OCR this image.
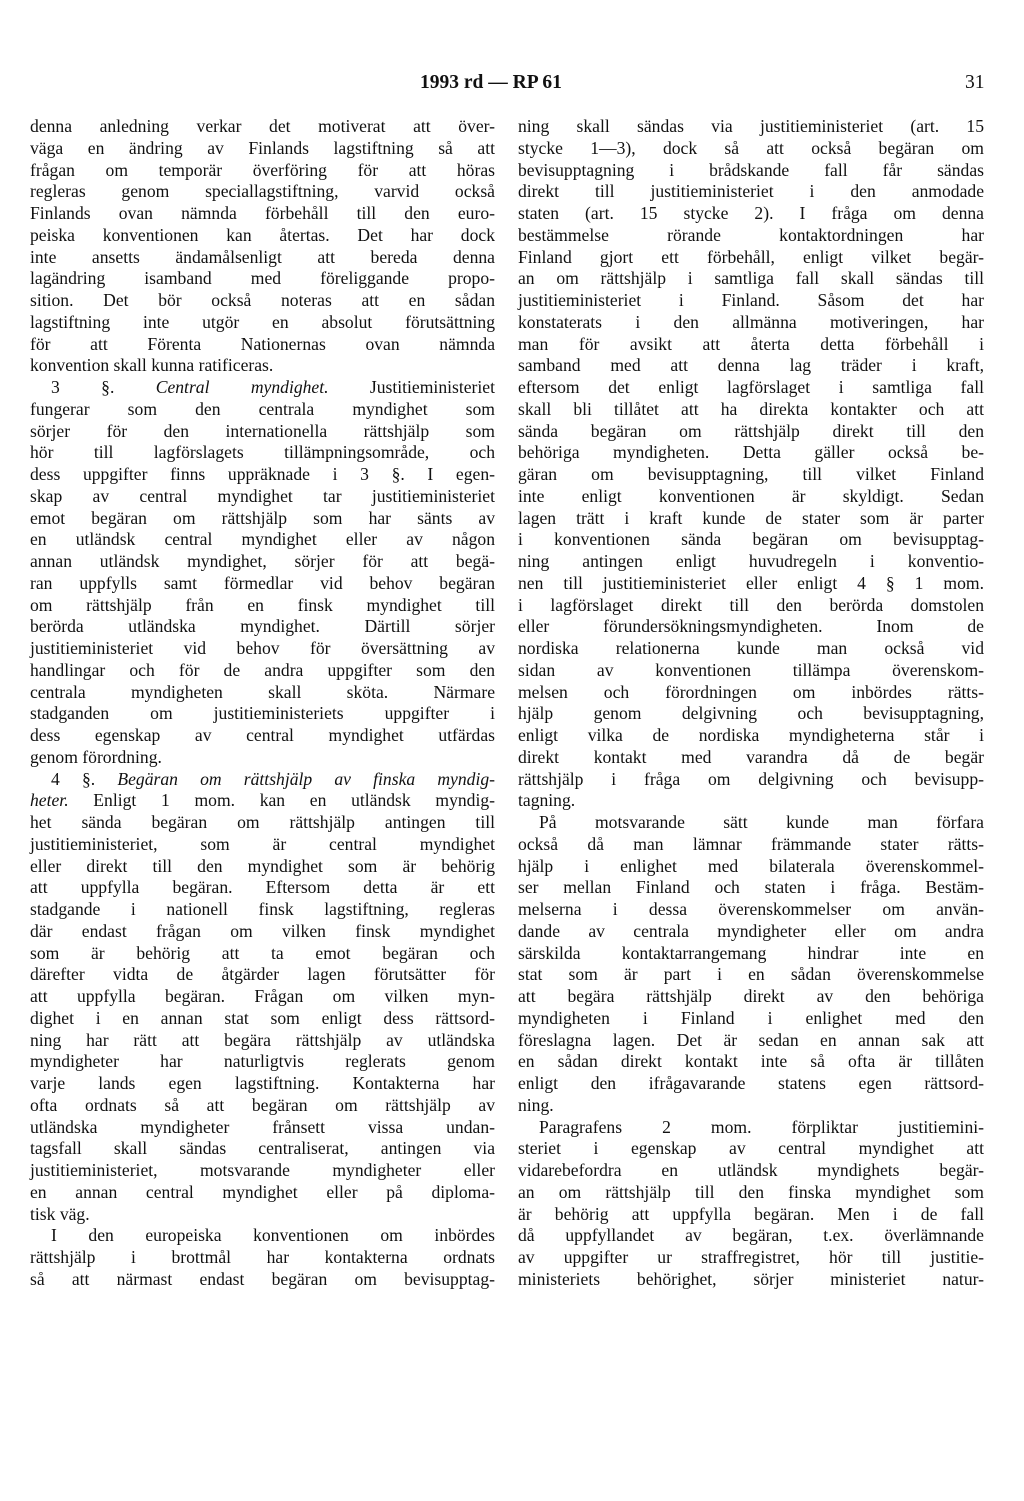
1993 rd — RP 61	31
denna anledning verkar det motiverat att över-
väga en ändring av Finlands lagstiftning så att
frågan om temporär överföring för att höras
regleras genom speciallagstiftning, varvid också
Finlands ovan nämnda förbehåll till den euro-
peiska konventionen kan återtas. Det har dock
inte ansetts ändamålsenligt att bereda denna
lagändring isamband med föreliggande propo-
sition. Det bör också noteras att en sådan
lagstiftning inte utgör en absolut förutsättning
för att Förenta Nationernas ovan nämnda
konvention skall kunna ratificeras.
3 §. Central myndighet. Justitieministeriet
fungerar som den centrala myndighet som
sörjer för den internationella rättshjälp som
hör till lagförslagets tillämpningsområde, och
dess uppgifter finns uppräknade i 3 §. I egen-
skap av central myndighet tar justitieministeriet
emot begäran om rättshjälp som har sänts av
en utländsk central myndighet eller av någon
annan utländsk myndighet, sörjer för att begä-
ran uppfylls samt förmedlar vid behov begäran
om rättshjälp från en finsk myndighet till
berörda utländska myndighet. Därtill sörjer
justitieministeriet vid behov för översättning av
handlingar och för de andra uppgifter som den
centrala myndigheten skall sköta. Närmare
stadganden om justitieministeriets uppgifter i
dess egenskap av central myndighet utfärdas
genom förordning.
4 §. Begäran om rättshjälp av finska myndig-
heter. Enligt 1 mom. kan en utländsk myndig-
het sända begäran om rättshjälp antingen till
justitieministeriet, som är central myndighet
eller direkt till den myndighet som är behörig
att uppfylla begäran. Eftersom detta är ett
stadgande i nationell finsk lagstiftning, regleras
där endast frågan om vilken finsk myndighet
som är behörig att ta emot begäran och
därefter vidta de åtgärder lagen förutsätter för
att uppfylla begäran. Frågan om vilken myn-
dighet i en annan stat som enligt dess rättsord-
ning har rätt att begära rättshjälp av utländska
myndigheter har naturligtvis reglerats genom
varje lands egen lagstiftning. Kontakterna har
ofta ordnats så att begäran om rättshjälp av
utländska myndigheter frånsett vissa undan-
tagsfall skall sändas centraliserat, antingen via
justitieministeriet, motsvarande myndigheter eller
en annan central myndighet eller på diploma-
tisk väg.
I den europeiska konventionen om inbördes
rättshjälp i brottmål har kontakterna ordnats
så att närmast endast begäran om bevisupptag-
ning skall sändas via justitieministeriet (art. 15
stycke 1—3), dock så att också begäran om
bevisupptagning i brådskande fall får sändas
direkt till justitieministeriet i den anmodade
staten (art. 15 stycke 2). I fråga om denna
bestämmelse rörande kontaktordningen har
Finland gjort ett förbehåll, enligt vilket begär-
an om rättshjälp i samtliga fall skall sändas till
justitieministeriet i Finland. Såsom det har
konstaterats i den allmänna motiveringen, har
man för avsikt att återta detta förbehåll i
samband med att denna lag träder i kraft,
eftersom det enligt lagförslaget i samtliga fall
skall bli tillåtet att ha direkta kontakter och att
sända begäran om rättshjälp direkt till den
behöriga myndigheten. Detta gäller också be-
gäran om bevisupptagning, till vilket Finland
inte enligt konventionen är skyldigt. Sedan
lagen trätt i kraft kunde de stater som är parter
i konventionen sända begäran om bevisupptag-
ning antingen enligt huvudregeln i konventio-
nen till justitieministeriet eller enligt 4 § 1 mom.
i lagförslaget direkt till den berörda domstolen
eller förundersökningsmyndigheten. Inom de
nordiska relationerna kunde man också vid
sidan av konventionen tillämpa överenskom-
melsen och förordningen om inbördes rätts-
hjälp genom delgivning och bevisupptagning,
enligt vilka de nordiska myndigheterna står i
direkt kontakt med varandra då de begär
rättshjälp i fråga om delgivning och bevisupp-
tagning.
På motsvarande sätt kunde man förfara
också då man lämnar främmande stater rätts-
hjälp i enlighet med bilaterala överenskommel-
ser mellan Finland och staten i fråga. Bestäm-
melserna i dessa överenskommelser om använ-
dande av centrala myndigheter eller om andra
särskilda kontaktarrangemang hindrar inte en
stat som är part i en sådan överenskommelse
att begära rättshjälp direkt av den behöriga
myndigheten i Finland i enlighet med den
föreslagna lagen. Det är sedan en annan sak att
en sådan direkt kontakt inte så ofta är tillåten
enligt den ifrågavarande statens egen rättsord-
ning.
Paragrafens 2 mom. förpliktar justitiemini-
steriet i egenskap av central myndighet att
vidarebefordra en utländsk myndighets begär-
an om rättshjälp till den finska myndighet som
är behörig att uppfylla begäran. Men i de fall
då uppfyllandet av begäran, t.ex. överlämnande
av uppgifter ur straffregistret, hör till justitie-
ministeriets behörighet, sörjer ministeriet natur-
